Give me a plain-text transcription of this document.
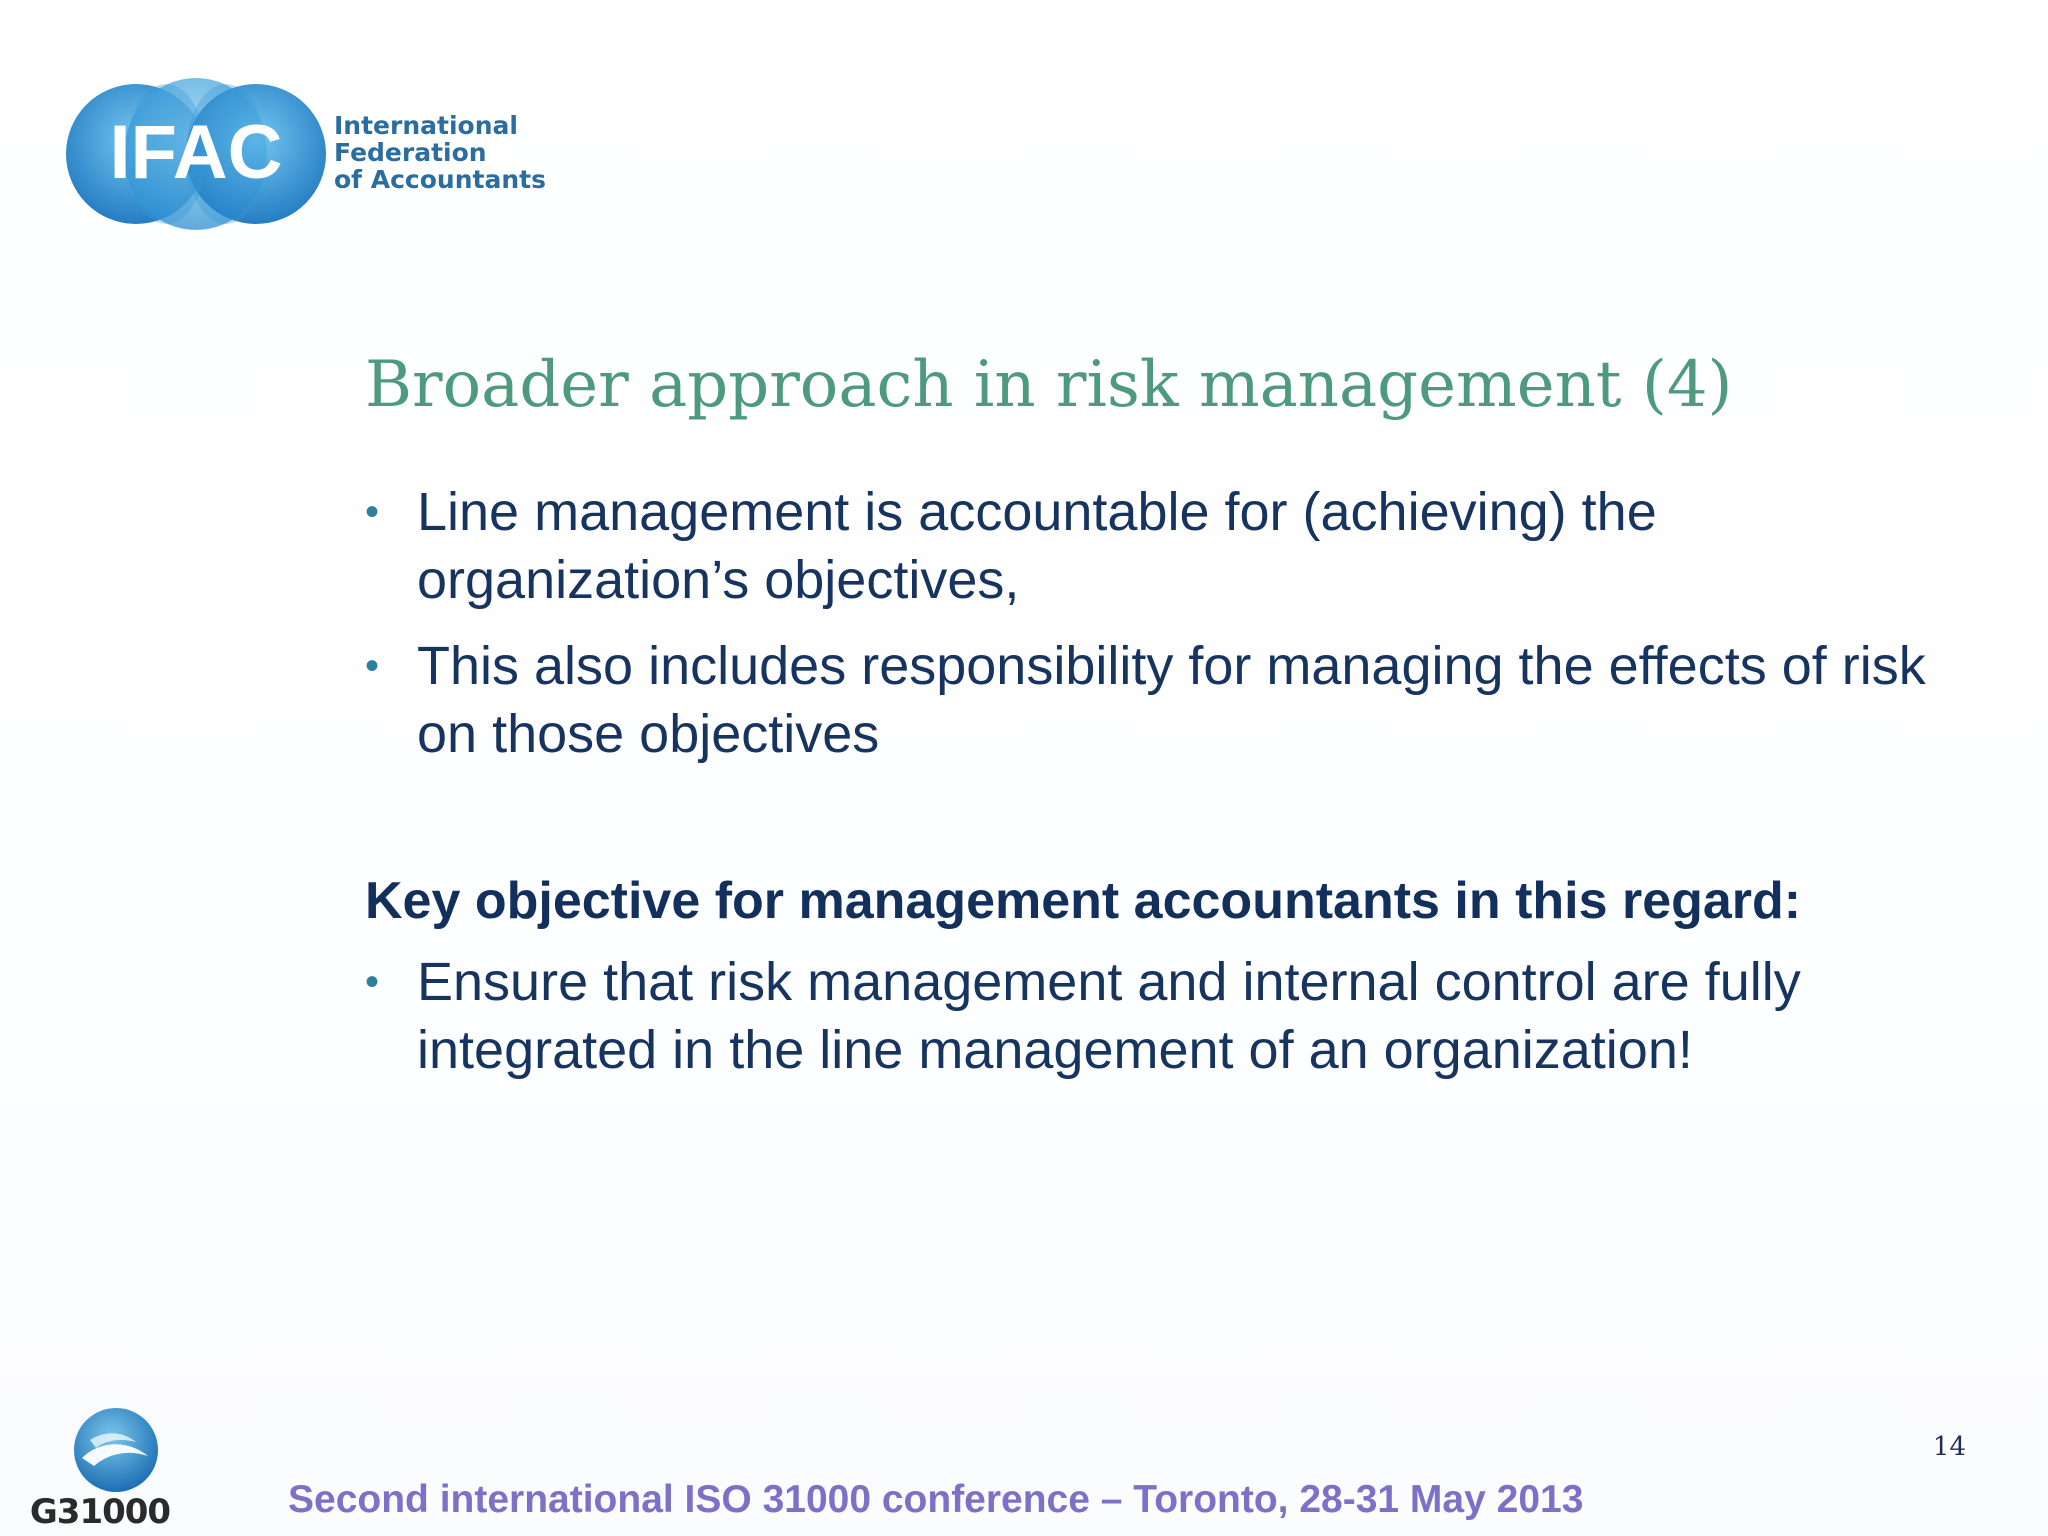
IFAC International
Federation
of Accountants
Broader approach in risk management (4)
• Line management is accountable for (achieving) the organization’s objectives,
• This also includes responsibility for managing the effects of risk on those objectives
Key objective for management accountants in this regard:
• Ensure that risk management and internal control are fully integrated in the line management of an organization!
14
G31000	Second international ISO 31000 conference – Toronto, 28-31 May 2013
